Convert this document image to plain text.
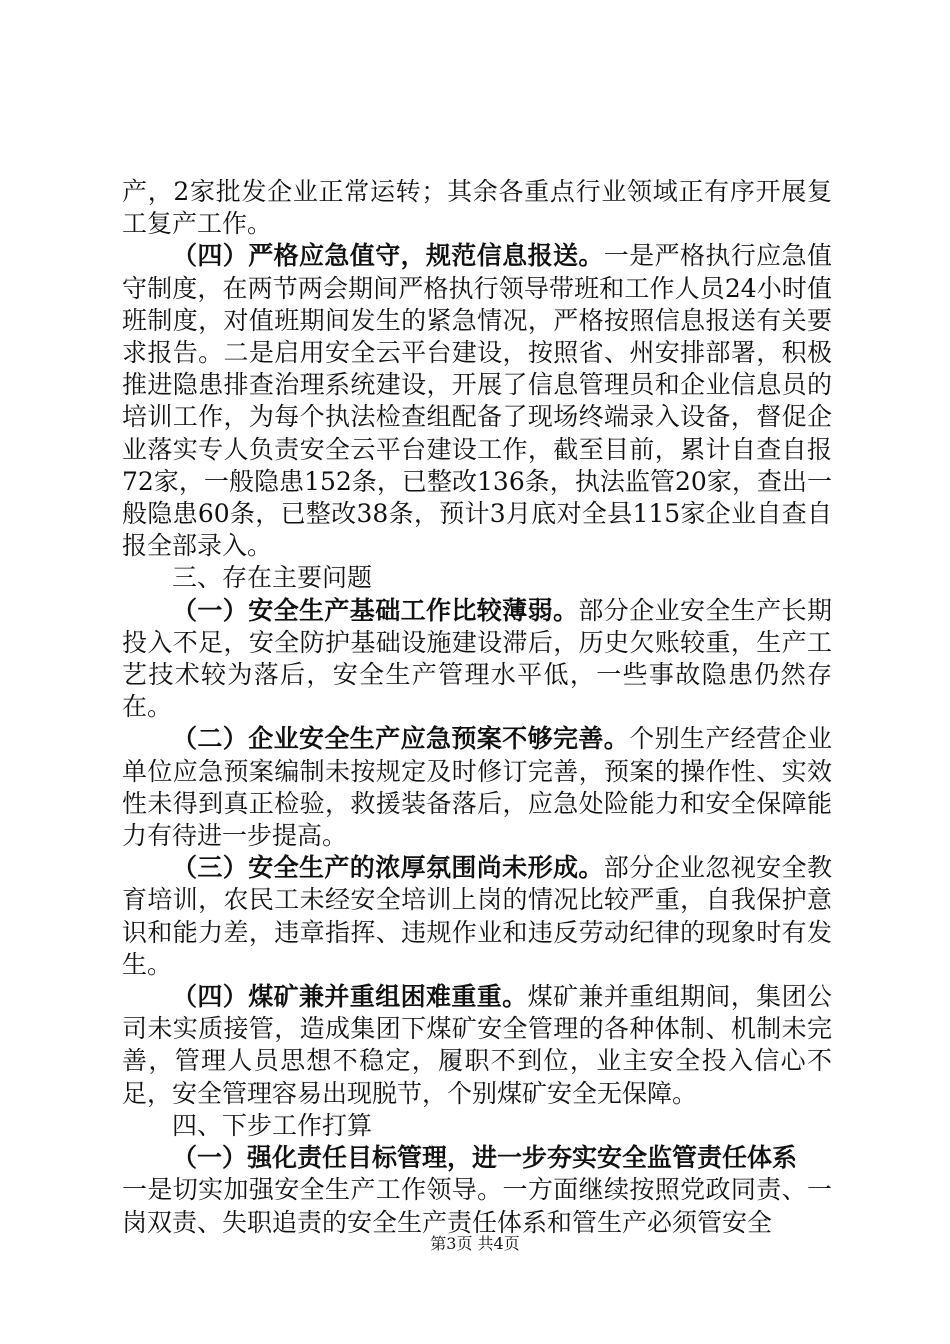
产，2家批发企业正常运转；其余各重点行业领域正有序开展复工复产工作。

（四）严格应急值守，规范信息报送。一是严格执行应急值守制度，在两节两会期间严格执行领导带班和工作人员24小时值班制度，对值班期间发生的紧急情况，严格按照信息报送有关要求报告。二是启用安全云平台建设，按照省、州安排部署，积极推进隐患排查治理系统建设，开展了信息管理员和企业信息员的培训工作，为每个执法检查组配备了现场终端录入设备，督促企业落实专人负责安全云平台建设工作，截至目前，累计自查自报72家，一般隐患152条，已整改136条，执法监管20家，查出一般隐患60条，已整改38条，预计3月底对全县115家企业自查自报全部录入。

三、存在主要问题

（一）安全生产基础工作比较薄弱。部分企业安全生产长期投入不足，安全防护基础设施建设滞后，历史欠账较重，生产工艺技术较为落后，安全生产管理水平低，一些事故隐患仍然存在。

（二）企业安全生产应急预案不够完善。个别生产经营企业单位应急预案编制未按规定及时修订完善，预案的操作性、实效性未得到真正检验，救援装备落后，应急处险能力和安全保障能力有待进一步提高。

（三）安全生产的浓厚氛围尚未形成。部分企业忽视安全教育培训，农民工未经安全培训上岗的情况比较严重，自我保护意识和能力差，违章指挥、违规作业和违反劳动纪律的现象时有发生。

（四）煤矿兼并重组困难重重。煤矿兼并重组期间，集团公司未实质接管，造成集团下煤矿安全管理的各种体制、机制未完善，管理人员思想不稳定，履职不到位，业主安全投入信心不足，安全管理容易出现脱节，个别煤矿安全无保障。

四、下步工作打算

（一）强化责任目标管理，进一步夯实安全监管责任体系

一是切实加强安全生产工作领导。一方面继续按照党政同责、一岗双责、失职追责的安全生产责任体系和管生产必须管安全

第3页 共4页
